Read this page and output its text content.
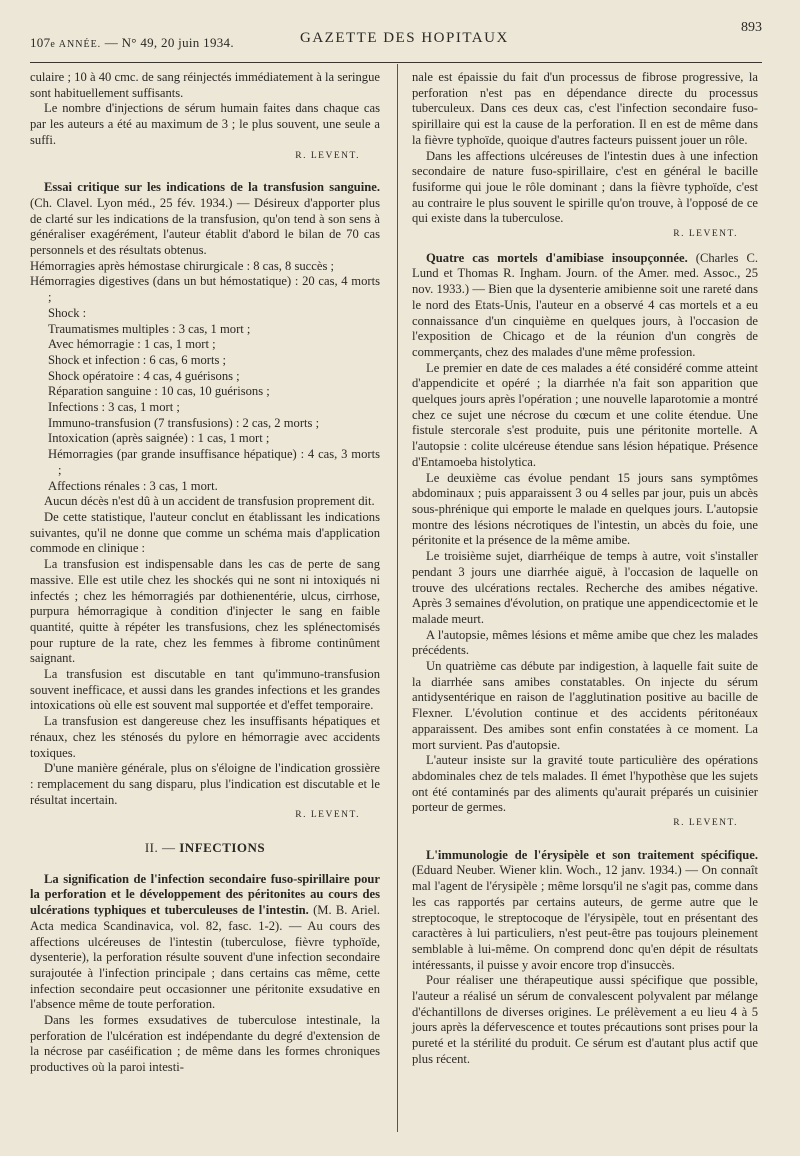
107e ANNÉE. — N° 49, 20 juin 1934.	GAZETTE DES HOPITAUX
893

culaire ; 10 à 40 cmc. de sang réinjectés immédiatement à la seringue sont habituellement suffisants.

Le nombre d'injections de sérum humain faites dans chaque cas par les auteurs a été au maximum de 3 ; le plus souvent, une seule a suffi.

R. LEVENT.

Essai critique sur les indications de la transfusion sanguine. (Ch. Clavel. Lyon méd., 25 fév. 1934.) — Désireux d'apporter plus de clarté sur les indications de la transfusion, qu'on tend à son sens à généraliser exagérément, l'auteur établit d'abord le bilan de 70 cas personnels et des résultats obtenus.

Hémorragies après hémostase chirurgicale : 8 cas, 8 succès ;

Hémorragies digestives (dans un but hémostatique) : 20 cas, 4 morts ;

Shock :

Traumatismes multiples : 3 cas, 1 mort ;

Avec hémorragie : 1 cas, 1 mort ;

Shock et infection : 6 cas, 6 morts ;

Shock opératoire : 4 cas, 4 guérisons ;

Réparation sanguine : 10 cas, 10 guérisons ;

Infections : 3 cas, 1 mort ;

Immuno-transfusion (7 transfusions) : 2 cas, 2 morts ;

Intoxication (après saignée) : 1 cas, 1 mort ;

Hémorragies (par grande insuffisance hépatique) : 4 cas, 3 morts ;

Affections rénales : 3 cas, 1 mort.

Aucun décès n'est dû à un accident de transfusion proprement dit.

De cette statistique, l'auteur conclut en établissant les indications suivantes, qu'il ne donne que comme un schéma mais d'application commode en clinique :

La transfusion est indispensable dans les cas de perte de sang massive. Elle est utile chez les shockés qui ne sont ni intoxiqués ni infectés ; chez les hémorragiés par dothienentérie, ulcus, cirrhose, purpura hémorragique à condition d'injecter le sang en faible quantité, quitte à répéter les transfusions, chez les splénectomisés pour rupture de la rate, chez les femmes à fibrome continûment saignant.

La transfusion est discutable en tant qu'immuno-transfusion souvent inefficace, et aussi dans les grandes infections et les grandes intoxications où elle est souvent mal supportée et d'effet temporaire.

La transfusion est dangereuse chez les insuffisants hépatiques et rénaux, chez les sténosés du pylore en hémorragie avec accidents toxiques.

D'une manière générale, plus on s'éloigne de l'indication grossière : remplacement du sang disparu, plus l'indication est discutable et le résultat incertain.

R. LEVENT.

II. — INFECTIONS

La signification de l'infection secondaire fuso-spirillaire pour la perforation et le développement des péritonites au cours des ulcérations typhiques et tuberculeuses de l'intestin. (M. B. Ariel. Acta medica Scandinavica, vol. 82, fasc. 1-2). — Au cours des affections ulcéreuses de l'intestin (tuberculose, fièvre typhoïde, dysenterie), la perforation résulte souvent d'une infection secondaire surajoutée à l'infection principale ; dans certains cas même, cette infection secondaire peut occasionner une péritonite exsudative en l'absence même de toute perforation.

Dans les formes exsudatives de tuberculose intestinale, la perforation de l'ulcération est indépendante du degré d'extension de la nécrose par caséification ; de même dans les formes chroniques productives où la paroi intesti-

nale est épaissie du fait d'un processus de fibrose progressive, la perforation n'est pas en dépendance directe du processus tuberculeux. Dans ces deux cas, c'est l'infection secondaire fuso-spirillaire qui est la cause de la perforation. Il en est de même dans la fièvre typhoïde, quoique d'autres facteurs puissent jouer un rôle.

Dans les affections ulcéreuses de l'intestin dues à une infection secondaire de nature fuso-spirillaire, c'est en général le bacille fusiforme qui joue le rôle dominant ; dans la fièvre typhoïde, c'est au contraire le plus souvent le spirille qu'on trouve, à l'opposé de ce qui existe dans la tuberculose.

R. LEVENT.

Quatre cas mortels d'amibiase insoupçonnée. (Charles C. Lund et Thomas R. Ingham. Journ. of the Amer. med. Assoc., 25 nov. 1933.) — Bien que la dysenterie amibienne soit une rareté dans le nord des Etats-Unis, l'auteur en a observé 4 cas mortels et a eu connaissance d'un cinquième en quelques jours, à l'occasion de l'exposition de Chicago et de la réunion d'un congrès de commerçants, chez des malades d'une même profession.

Le premier en date de ces malades a été considéré comme atteint d'appendicite et opéré ; la diarrhée n'a fait son apparition que quelques jours après l'opération ; une nouvelle laparotomie a montré chez ce sujet une nécrose du cœcum et une colite étendue. Une fistule stercorale s'est produite, puis une péritonite mortelle. A l'autopsie : colite ulcéreuse étendue sans lésion hépatique. Présence d'Entamoeba histolytica.

Le deuxième cas évolue pendant 15 jours sans symptômes abdominaux ; puis apparaissent 3 ou 4 selles par jour, puis un abcès sous-phrénique qui emporte le malade en quelques jours. L'autopsie montre des lésions nécrotiques de l'intestin, un abcès du foie, une péritonite et la présence de la même amibe.

Le troisième sujet, diarrhéique de temps à autre, voit s'installer pendant 3 jours une diarrhée aiguë, à l'occasion de laquelle on trouve des ulcérations rectales. Recherche des amibes négative. Après 3 semaines d'évolution, on pratique une appendicectomie et le malade meurt.

A l'autopsie, mêmes lésions et même amibe que chez les malades précédents.

Un quatrième cas débute par indigestion, à laquelle fait suite de la diarrhée sans amibes constatables. On injecte du sérum antidysentérique en raison de l'agglutination positive au bacille de Flexner. L'évolution continue et des accidents péritonéaux apparaissent. Des amibes sont enfin constatées à ce moment. La mort survient. Pas d'autopsie.

L'auteur insiste sur la gravité toute particulière des opérations abdominales chez de tels malades. Il émet l'hypothèse que les sujets ont été contaminés par des aliments qu'aurait préparés un cuisinier porteur de germes.

R. LEVENT.

L'immunologie de l'érysipèle et son traitement spécifique. (Eduard Neuber. Wiener klin. Woch., 12 janv. 1934.) — On connaît mal l'agent de l'érysipèle ; même lorsqu'il ne s'agit pas, comme dans les cas rapportés par certains auteurs, de germe autre que le streptocoque, le streptocoque de l'érysipèle, tout en présentant des caractères à lui particuliers, n'est peut-être pas toujours pleinement semblable à lui-même. On comprend donc qu'en dépit de résultats intéressants, il puisse y avoir encore trop d'insuccès.

Pour réaliser une thérapeutique aussi spécifique que possible, l'auteur a réalisé un sérum de convalescent polyvalent par mélange d'échantillons de diverses origines. Le prélèvement a eu lieu 4 à 5 jours après la défervescence et toutes précautions sont prises pour la pureté et la stérilité du produit. Ce sérum est d'autant plus actif que plus récent.
